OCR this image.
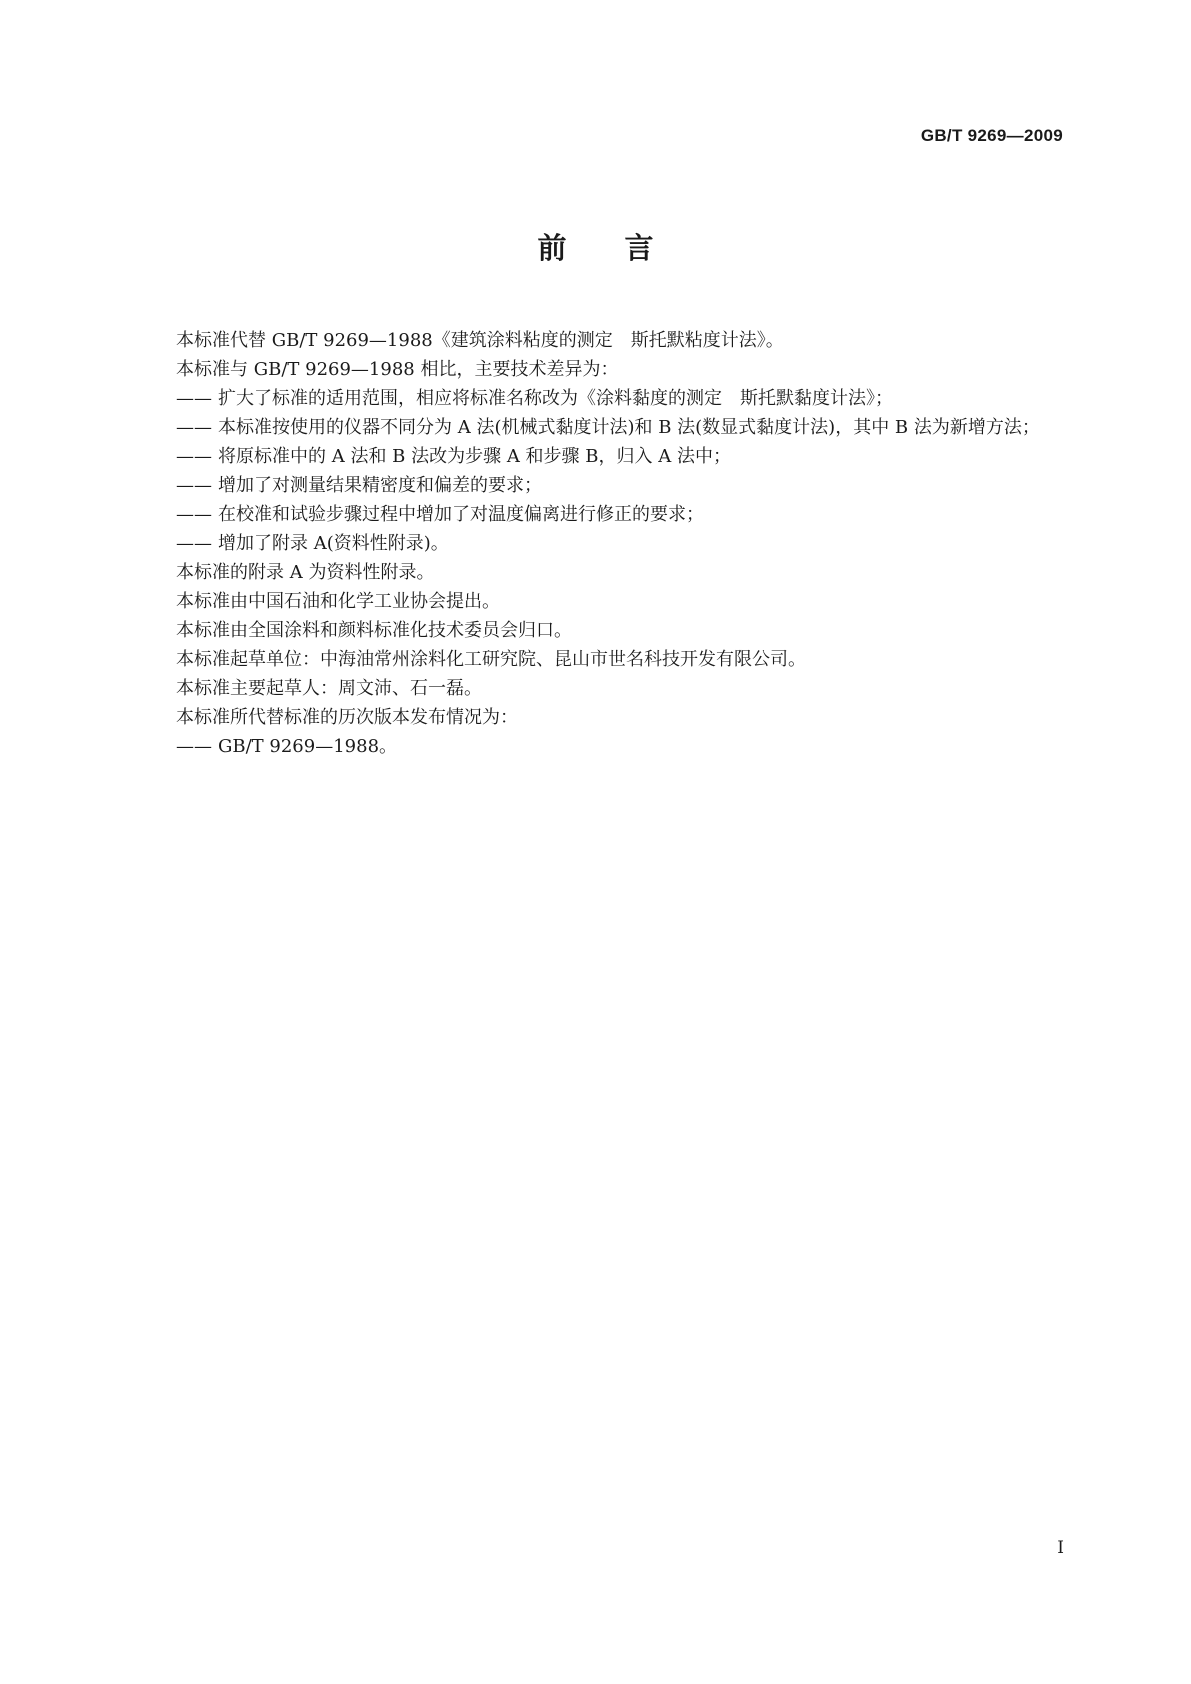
GB/T 9269—2009
前言

本标准代替 GB/T 9269—1988《建筑涂料粘度的测定　斯托默粘度计法》。

本标准与 GB/T 9269—1988 相比，主要技术差异为：

—— 扩大了标准的适用范围，相应将标准名称改为《涂料黏度的测定　斯托默黏度计法》；

—— 本标准按使用的仪器不同分为 A 法(机械式黏度计法)和 B 法(数显式黏度计法)，其中 B 法为新增方法；

—— 将原标准中的 A 法和 B 法改为步骤 A 和步骤 B，归入 A 法中；

—— 增加了对测量结果精密度和偏差的要求；

—— 在校准和试验步骤过程中增加了对温度偏离进行修正的要求；

—— 增加了附录 A(资料性附录)。

本标准的附录 A 为资料性附录。

本标准由中国石油和化学工业协会提出。

本标准由全国涂料和颜料标准化技术委员会归口。

本标准起草单位：中海油常州涂料化工研究院、昆山市世名科技开发有限公司。

本标准主要起草人：周文沛、石一磊。

本标准所代替标准的历次版本发布情况为：

—— GB/T 9269—1988。

I
